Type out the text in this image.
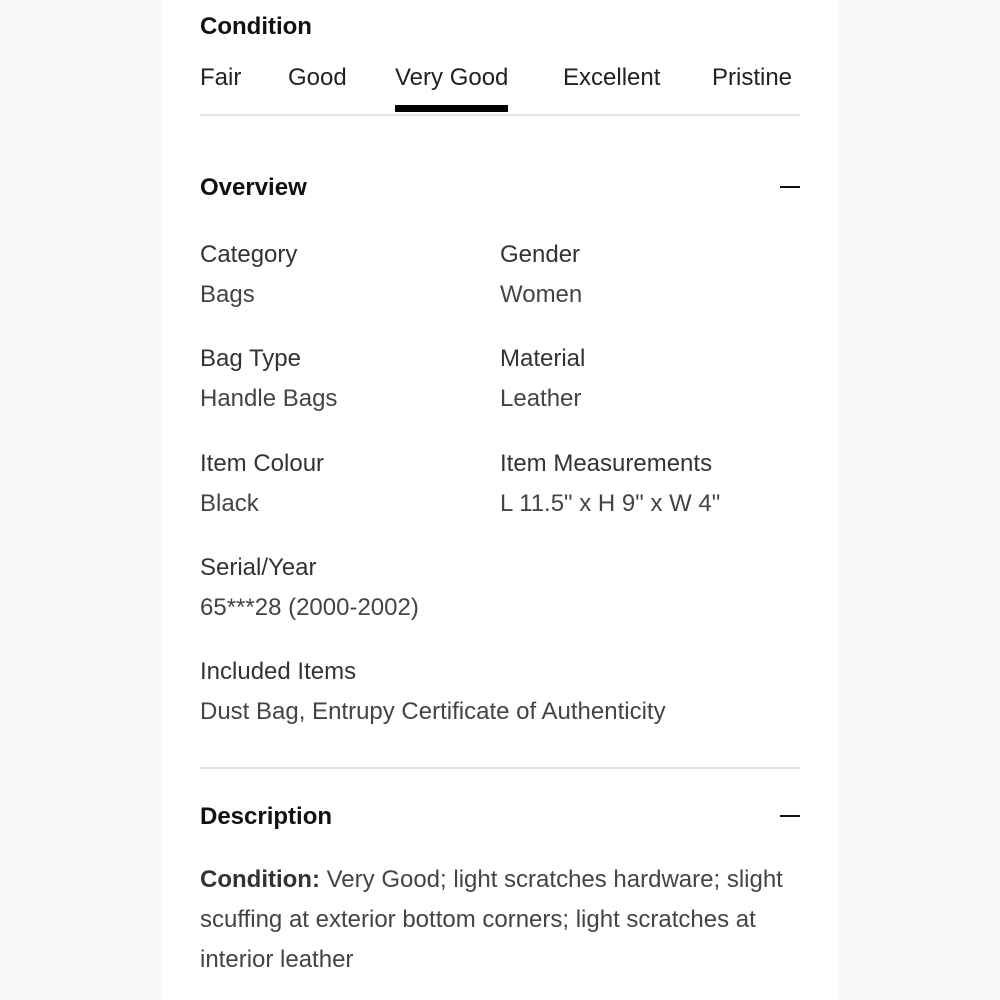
Condition
Fair Good Very Good Excellent Pristine
Overview
Category
Bags
Gender
Women
Bag Type
Handle Bags
Material
Leather
Item Colour
Black
Item Measurements
L 11.5" x H 9" x W 4"
Serial/Year
65***28 (2000-2002)
Included Items
Dust Bag, Entrupy Certificate of Authenticity
Description
Condition: Very Good; light scratches hardware; slight scuffing at exterior bottom corners; light scratches at interior leather
